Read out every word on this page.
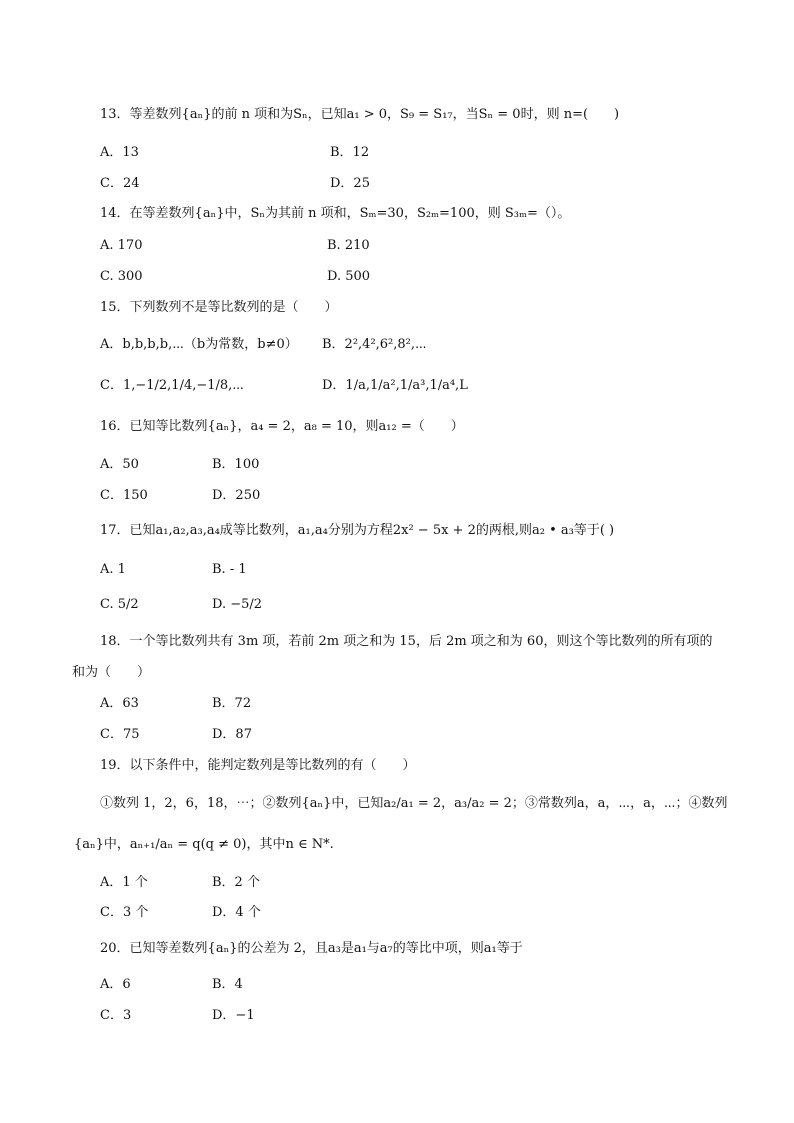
13．等差数列{aₙ}的前 n 项和为Sₙ，已知a₁ > 0，S₉ = S₁₇，当Sₙ = 0时，则 n=(　　)
A．13	B．12
C．24	D．25
14．在等差数列{aₙ}中，Sₙ为其前 n 项和，Sₘ=30，S₂ₘ=100，则 S₃ₘ=（）。
A. 170	B. 210
C. 300	D. 500
15．下列数列不是等比数列的是（　　）
A．b,b,b,b,⋯（b为常数，b≠0） B．2²,4²,6²,8²,⋯
C．1,−1/2,1/4,−1/8,⋯	D．1/a,1/a²,1/a³,1/a⁴,L
16．已知等比数列{aₙ}，a₄ = 2，a₈ = 10，则a₁₂ =（　　）
A．50	B．100
C．150	D．250
17．已知a₁,a₂,a₃,a₄成等比数列，a₁,a₄分别为方程2x² − 5x + 2的两根,则a₂ • a₃等于( )
A. 1	B. - 1
C. 5/2	D. −5/2
18．一个等比数列共有 3m 项，若前 2m 项之和为 15，后 2m 项之和为 60，则这个等比数列的所有项的
和为（　　）
A．63	B．72
C．75	D．87
19．以下条件中，能判定数列是等比数列的有（　　）
①数列 1，2，6，18，⋯；②数列{aₙ}中，已知a₂/a₁ = 2，a₃/a₂ = 2；③常数列a，a，⋯，a，⋯；④数列
{aₙ}中，aₙ₊₁/aₙ = q(q ≠ 0)，其中n ∈ N*.
A．1 个	B．2 个
C．3 个	D．4 个
20．已知等差数列{aₙ}的公差为 2，且a₃是a₁与a₇的等比中项，则a₁等于
A．6	B．4
C．3	D．−1
